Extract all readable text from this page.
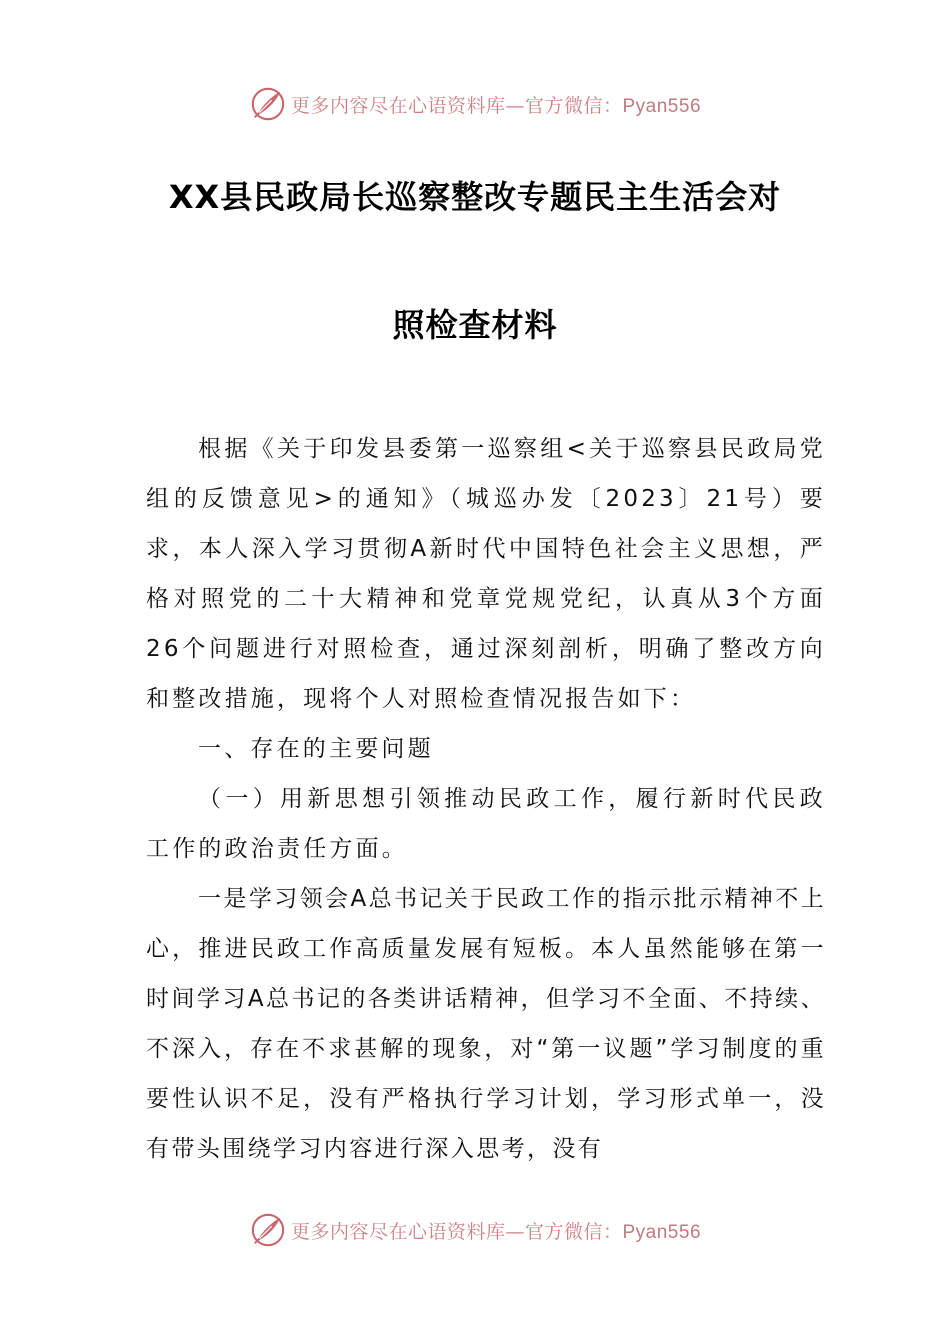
更多内容尽在心语资料库—官方微信：Pyan556
XX县民政局长巡察整改专题民主生活会对
照检查材料

根据《关于印发县委第一巡察组<关于巡察县民政局党组的反馈意见>的通知》（城巡办发〔2023〕21号）要求，本人深入学习贯彻A新时代中国特色社会主义思想，严格对照党的二十大精神和党章党规党纪，认真从3个方面26个问题进行对照检查，通过深刻剖析，明确了整改方向和整改措施，现将个人对照检查情况报告如下：

一、存在的主要问题

（一）用新思想引领推动民政工作，履行新时代民政工作的政治责任方面。

一是学习领会A总书记关于民政工作的指示批示精神不上心，推进民政工作高质量发展有短板。本人虽然能够在第一时间学习A总书记的各类讲话精神，但学习不全面、不持续、不深入，存在不求甚解的现象，对“第一议题”学习制度的重要性认识不足，没有严格执行学习计划，学习形式单一，没有带头围绕学习内容进行深入思考，没有

更多内容尽在心语资料库—官方微信：Pyan556
